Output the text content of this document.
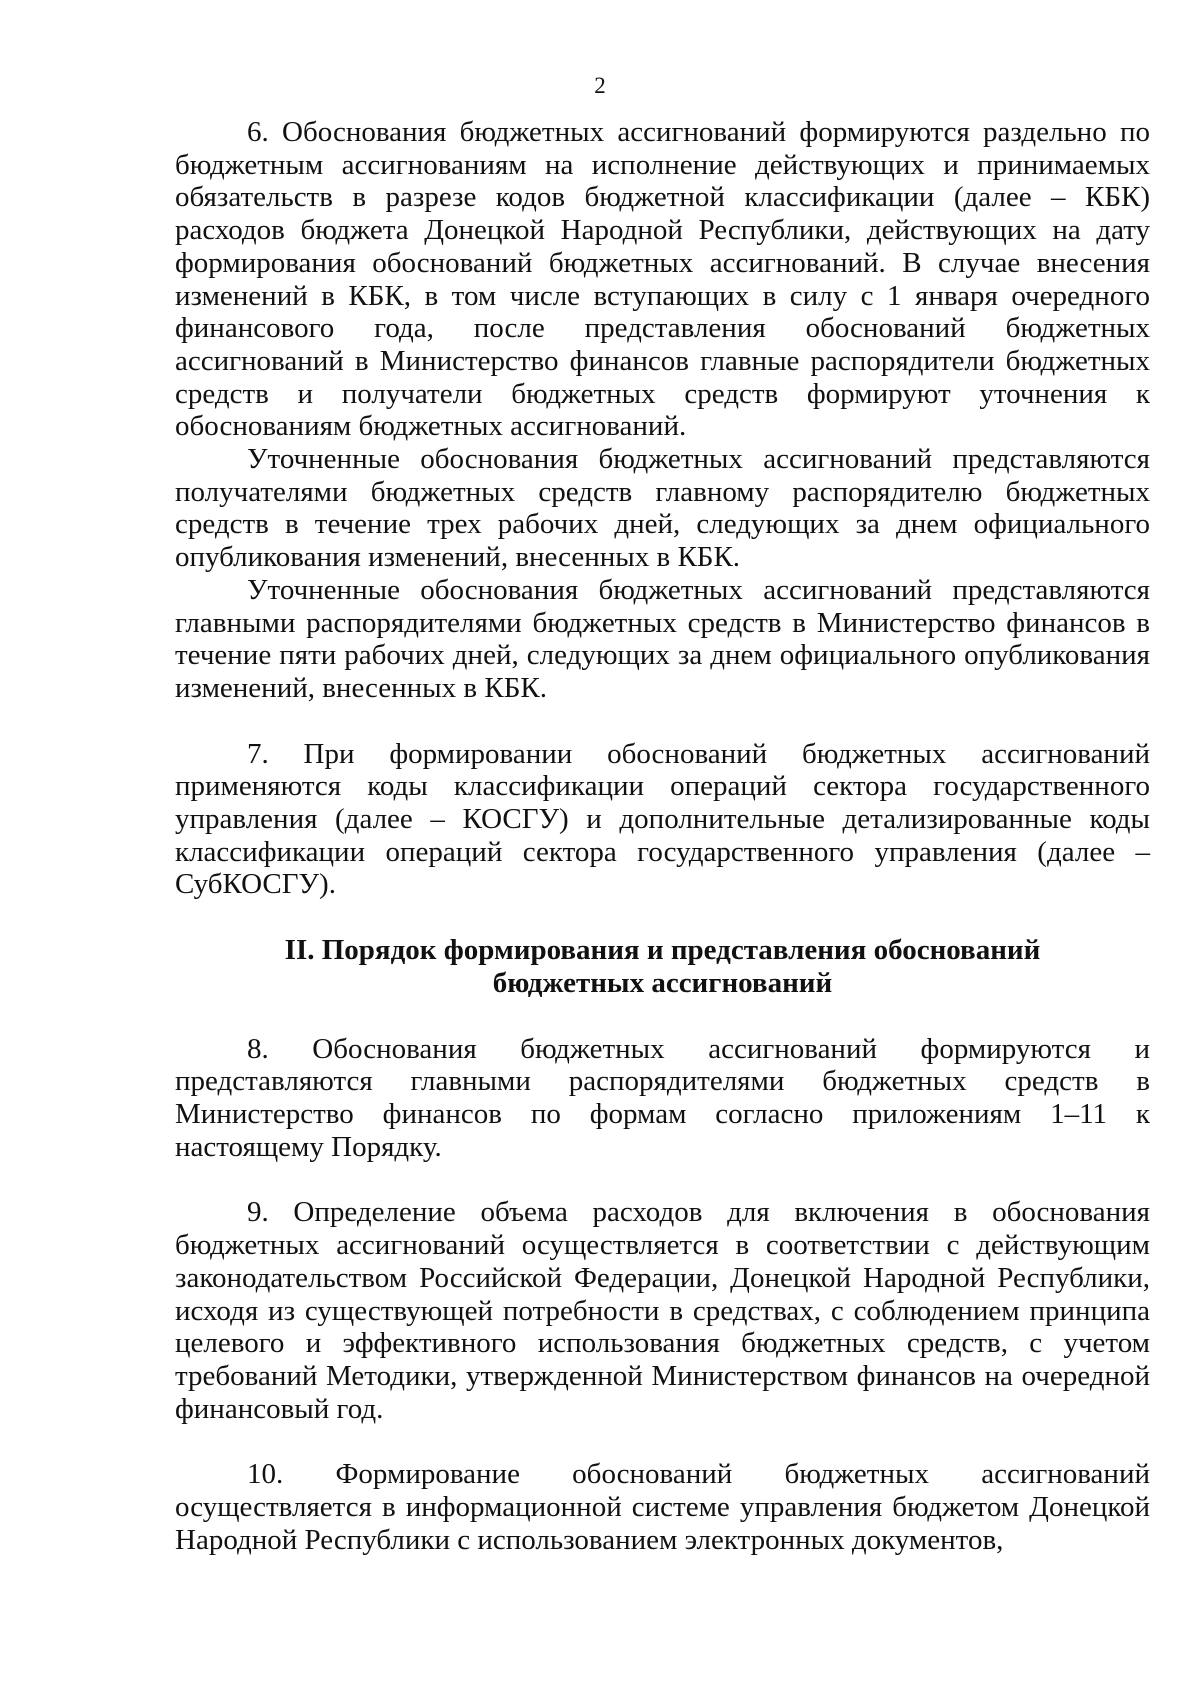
2

6. Обоснования бюджетных ассигнований формируются раздельно по бюджетным ассигнованиям на исполнение действующих и принимаемых обязательств в разрезе кодов бюджетной классификации (далее – КБК) расходов бюджета Донецкой Народной Республики, действующих на дату формирования обоснований бюджетных ассигнований. В случае внесения изменений в КБК, в том числе вступающих в силу с 1 января очередного финансового года, после представления обоснований бюджетных ассигнований в Министерство финансов главные распорядители бюджетных средств и получатели бюджетных средств формируют уточнения к обоснованиям бюджетных ассигнований.

Уточненные обоснования бюджетных ассигнований представляются получателями бюджетных средств главному распорядителю бюджетных средств в течение трех рабочих дней, следующих за днем официального опубликования изменений, внесенных в КБК.

Уточненные обоснования бюджетных ассигнований представляются главными распорядителями бюджетных средств в Министерство финансов в течение пяти рабочих дней, следующих за днем официального опубликования изменений, внесенных в КБК.

7. При формировании обоснований бюджетных ассигнований применяются коды классификации операций сектора государственного управления (далее – КОСГУ) и дополнительные детализированные коды классификации операций сектора государственного управления (далее – СубКОСГУ).

II. Порядок формирования и представления обоснований
бюджетных ассигнований

8. Обоснования бюджетных ассигнований формируются и представляются главными распорядителями бюджетных средств в Министерство финансов по формам согласно приложениям 1–11 к настоящему Порядку.

9. Определение объема расходов для включения в обоснования бюджетных ассигнований осуществляется в соответствии с действующим законодательством Российской Федерации, Донецкой Народной Республики, исходя из существующей потребности в средствах, с соблюдением принципа целевого и эффективного использования бюджетных средств, с учетом требований Методики, утвержденной Министерством финансов на очередной финансовый год.

10. Формирование обоснований бюджетных ассигнований осуществляется в информационной системе управления бюджетом Донецкой Народной Республики с использованием электронных документов,
